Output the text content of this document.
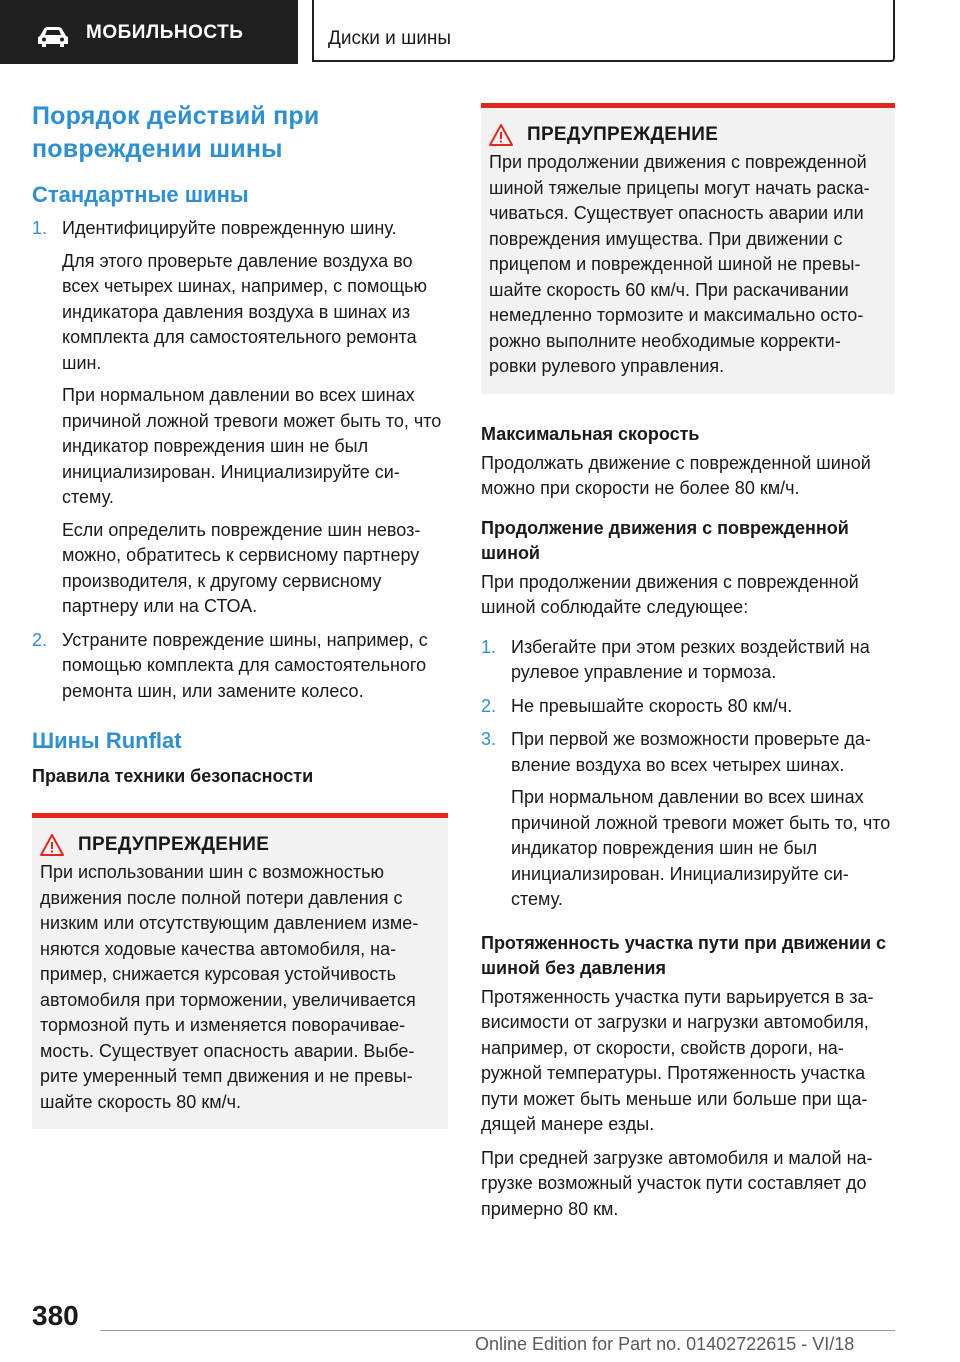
МОБИЛЬНОСТЬ	Диски и шины
Порядок действий при повреждении шины
Стандартные шины
1. Идентифицируйте поврежденную шину.

Для этого проверьте давление воздуха во всех четырех шинах, например, с помощью индикатора давления воздуха в шинах из комплекта для самостоятельного ремонта шин.

При нормальном давлении во всех шинах причиной ложной тревоги может быть то, что индикатор повреждения шин не был инициализирован. Инициализируйте си-стему.

Если определить повреждение шин невоз-можно, обратитесь к сервисному партнеру производителя, к другому сервисному партнеру или на СТОА.

2. Устраните повреждение шины, например, с помощью комплекта для самостоятельного ремонта шин, или замените колесо.

Шины Runflat
Правила техники безопасности
ПРЕДУПРЕЖДЕНИЕ

При использовании шин с возможностью движения после полной потери давления с низким или отсутствующим давлением изме-няются ходовые качества автомобиля, на-пример, снижается курсовая устойчивость автомобиля при торможении, увеличивается тормозной путь и изменяется поворачивае-мость. Существует опасность аварии. Выбе-рите умеренный темп движения и не превы-шайте скорость 80 км/ч.

ПРЕДУПРЕЖДЕНИЕ

При продолжении движения с поврежденной шиной тяжелые прицепы могут начать раска-чиваться. Существует опасность аварии или повреждения имущества. При движении с прицепом и поврежденной шиной не превы-шайте скорость 60 км/ч. При раскачивании немедленно тормозите и максимально осто-рожно выполните необходимые корректи-ровки рулевого управления.

Максимальная скорость

Продолжать движение с поврежденной шиной можно при скорости не более 80 км/ч.

Продолжение движения с поврежденной шиной

При продолжении движения с поврежденной шиной соблюдайте следующее:

1. Избегайте при этом резких воздействий на рулевое управление и тормоза.

2. Не превышайте скорость 80 км/ч.

3. При первой же возможности проверьте да-вление воздуха во всех четырех шинах.

При нормальном давлении во всех шинах причиной ложной тревоги может быть то, что индикатор повреждения шин не был инициализирован. Инициализируйте си-стему.

Протяженность участка пути при движении с шиной без давления

Протяженность участка пути варьируется в за-висимости от загрузки и нагрузки автомобиля, например, от скорости, свойств дороги, на-ружной температуры. Протяженность участка пути может быть меньше или больше при ща-дящей манере езды.

При средней загрузке автомобиля и малой на-грузке возможный участок пути составляет до примерно 80 км.

380
Online Edition for Part no. 01402722615 - VI/18
